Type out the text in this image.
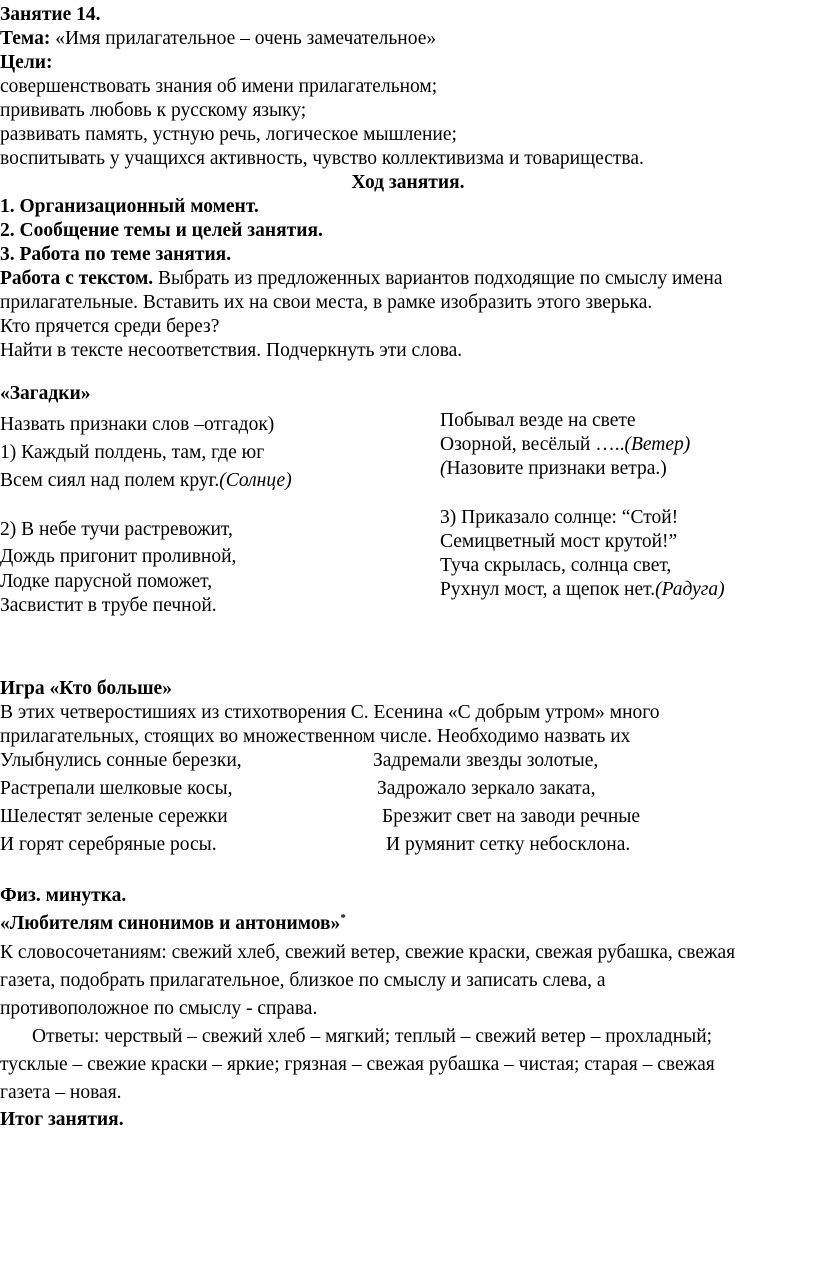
Занятие 14.
Тема: «Имя прилагательное – очень замечательное»
Цели:
совершенствовать знания об имени прилагательном;
прививать любовь к русскому языку;
развивать память, устную речь, логическое мышление;
воспитывать у учащихся активность, чувство коллективизма и товарищества.
Ход занятия.
1. Организационный момент.
2. Сообщение темы и целей занятия.
3. Работа по теме занятия.
Работа с текстом. Выбрать из предложенных вариантов подходящие по смыслу имена
прилагательные. Вставить их на свои места, в рамке изобразить этого зверька.
Кто прячется среди берез?
Найти в тексте несоответствия. Подчеркнуть эти слова.
«Загадки»
Назвать признаки слов –отгадок)
1) Каждый полдень, там, где юг
Всем сиял над полем круг.(Солнце)
2) В небе тучи растревожит,
Дождь пригонит проливной,
Лодке парусной поможет,
Засвистит в трубе печной.
Побывал везде на свете
Озорной, весёлый …..(Ветер)
(Назовите признаки ветра.)
3) Приказало солнце: “Стой!
Семицветный мост крутой!”
Туча скрылась, солнца свет,
Рухнул мост, а щепок нет.(Радуга)
Игра «Кто больше»
В этих четверостишиях из стихотворения С. Есенина «С добрым утром» много
прилагательных, стоящих во множественном числе. Необходимо назвать их
Улыбнулись сонные березки,
Растрепали шелковые косы,
Шелестят зеленые сережки
И горят серебряные росы.
Задремали звезды золотые,
Задрожало зеркало заката,
Брезжит свет на заводи речные
И румянит сетку небосклона.
Физ. минутка.
«Любителям синонимов и антонимов»*
К словосочетаниям: свежий хлеб, свежий ветер, свежие краски, свежая рубашка, свежая
газета, подобрать прилагательное, близкое по смыслу и записать слева, а
противоположное по смыслу - справа.
Ответы: черствый – свежий хлеб – мягкий; теплый – свежий ветер – прохладный;
тусклые – свежие краски – яркие; грязная – свежая рубашка – чистая; старая – свежая
газета – новая.
Итог занятия.
